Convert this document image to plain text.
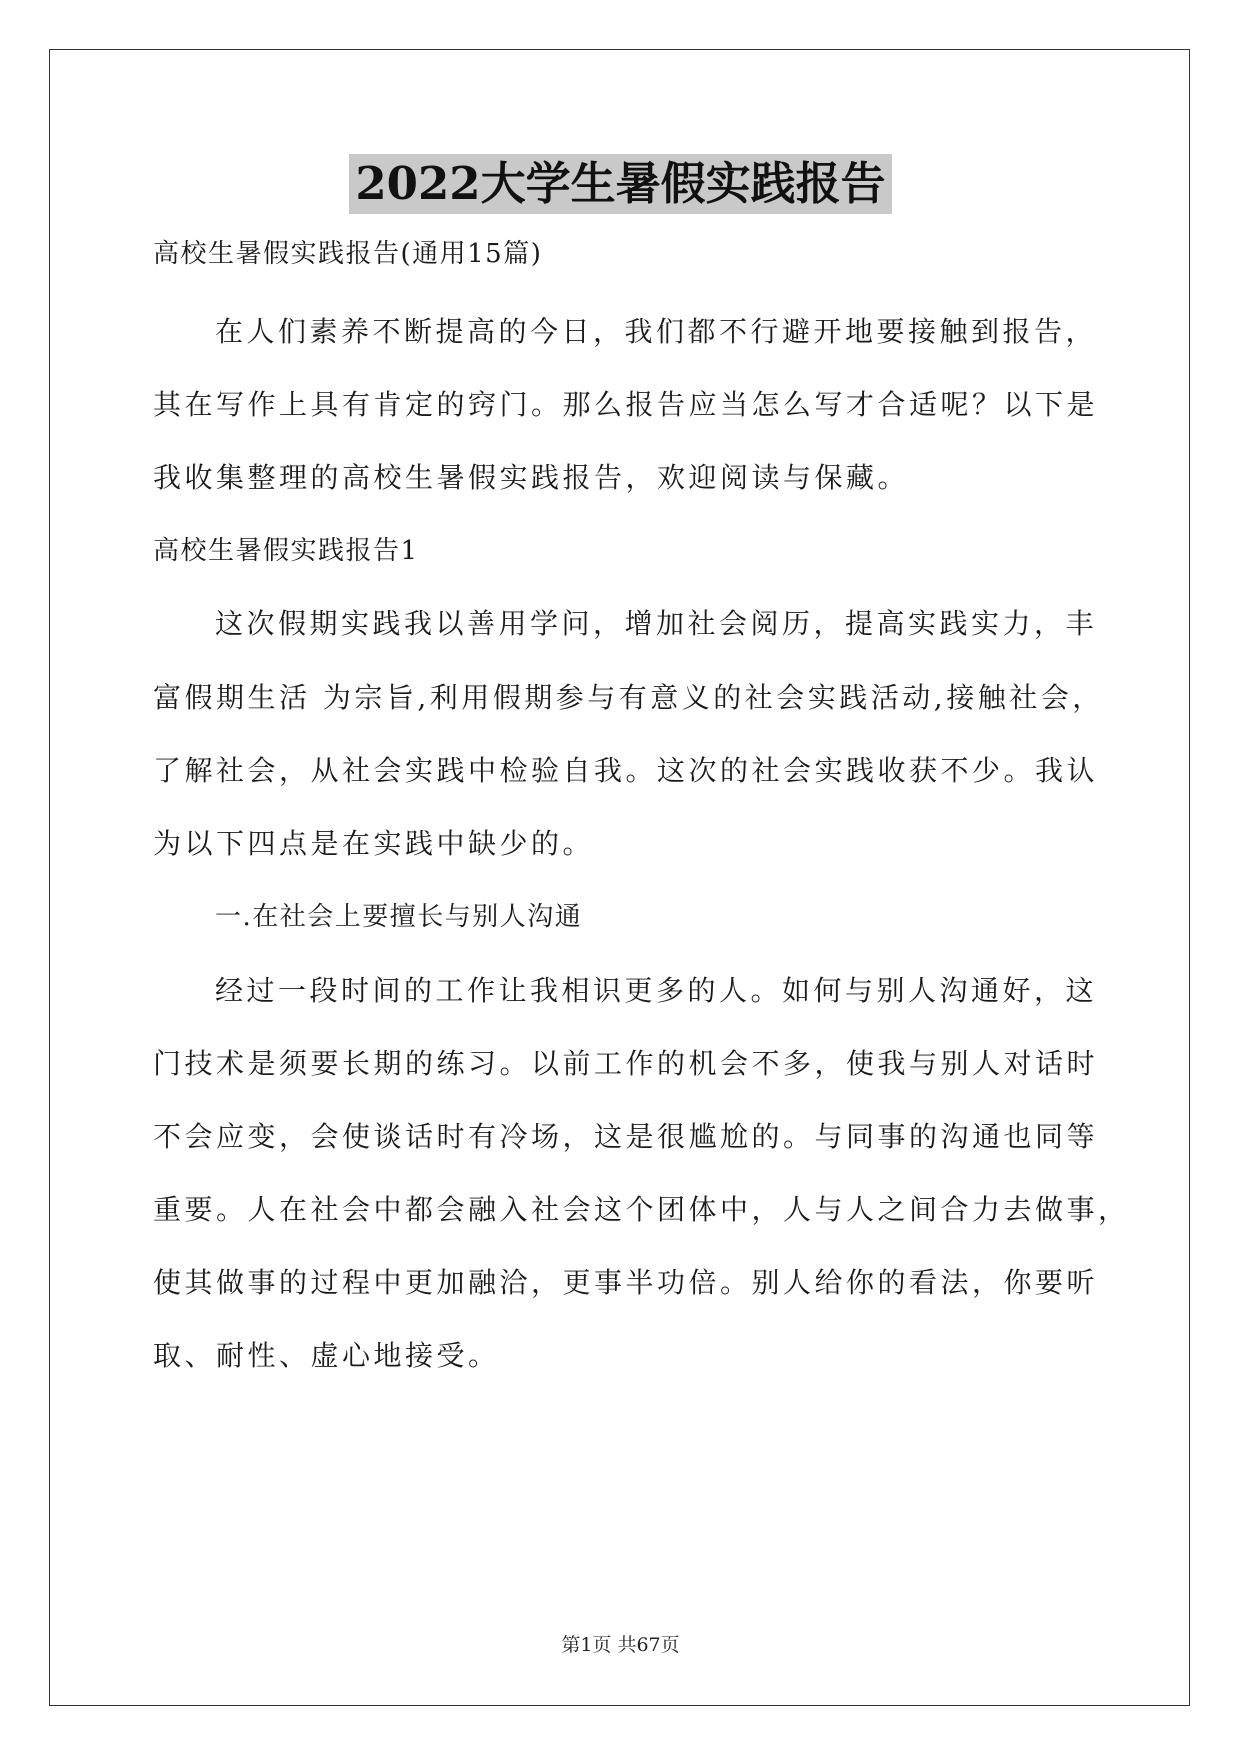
2022大学生暑假实践报告
高校生暑假实践报告(通用15篇)
在人们素养不断提高的今日，我们都不行避开地要接触到报告，
其在写作上具有肯定的窍门。那么报告应当怎么写才合适呢？以下是
我收集整理的高校生暑假实践报告，欢迎阅读与保藏。
高校生暑假实践报告1
这次假期实践我以善用学问，增加社会阅历，提高实践实力，丰
富假期生活 为宗旨,利用假期参与有意义的社会实践活动,接触社会，
了解社会，从社会实践中检验自我。这次的社会实践收获不少。我认
为以下四点是在实践中缺少的。
一.在社会上要擅长与别人沟通
经过一段时间的工作让我相识更多的人。如何与别人沟通好，这
门技术是须要长期的练习。以前工作的机会不多，使我与别人对话时
不会应变，会使谈话时有冷场，这是很尴尬的。与同事的沟通也同等
重要。人在社会中都会融入社会这个团体中，人与人之间合力去做事，
使其做事的过程中更加融洽，更事半功倍。别人给你的看法，你要听
取、耐性、虚心地接受。
第1页 共67页
